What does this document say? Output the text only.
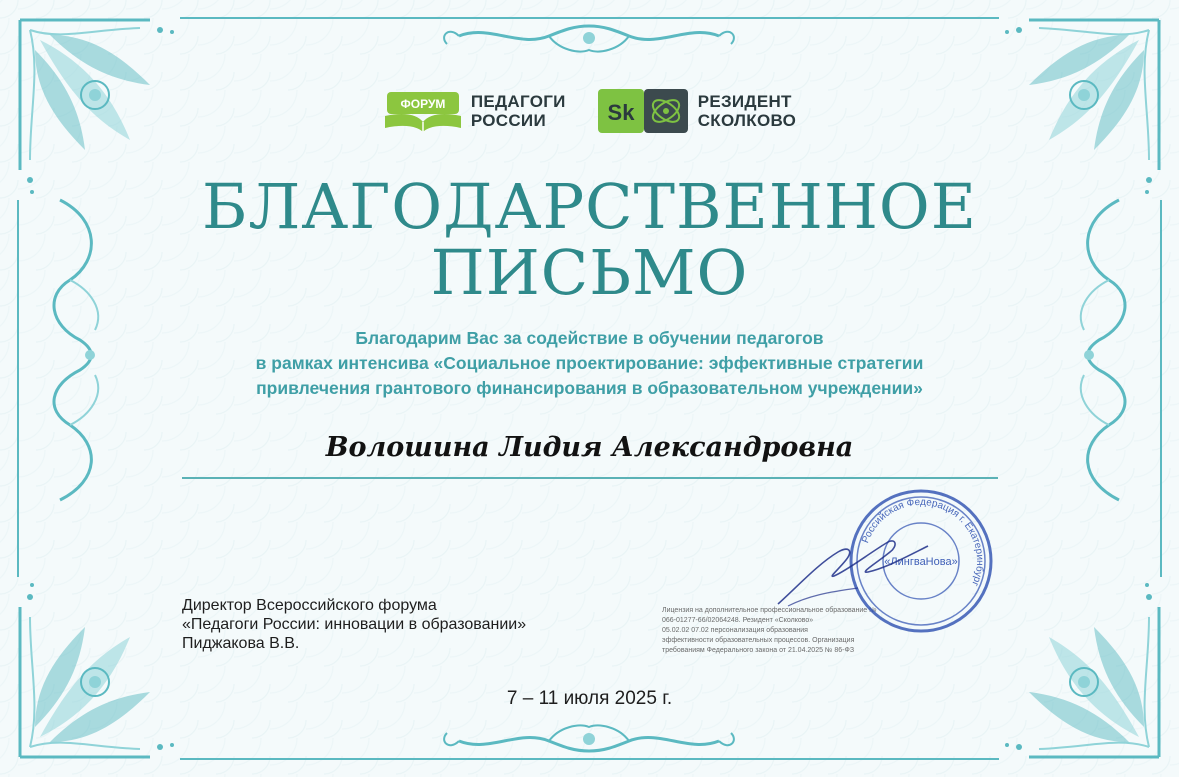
ФОРУМ ПЕДАГОГИ
РОССИИ	Sk	РЕЗИДЕНТ
СКОЛКОВО
БЛАГОДАРСТВЕННОЕ
ПИСЬМО
Благодарим Вас за содействие в обучении педагогов
в рамках интенсива «Социальное проектирование: эффективные стратегии
привлечения грантового финансирования в образовательном учреждении»
Волошина Лидия Александровна
Директор Всероссийского форума
«Педагоги России: инновации в образовании»
Пиджакова В.В.
Лицензия на дополнительное профессиональное образование №
066-01277-66/02064248. Резидент «Сколково»
05.02.02 07.02 персонализация образования
эффективности образовательных процессов. Организация
требованиям Федерального закона от 21.04.2025 № 86-ФЗ
Российская Федерация г. Екатеринбург
«ЛингваНова»
7 – 11 июля 2025 г.
